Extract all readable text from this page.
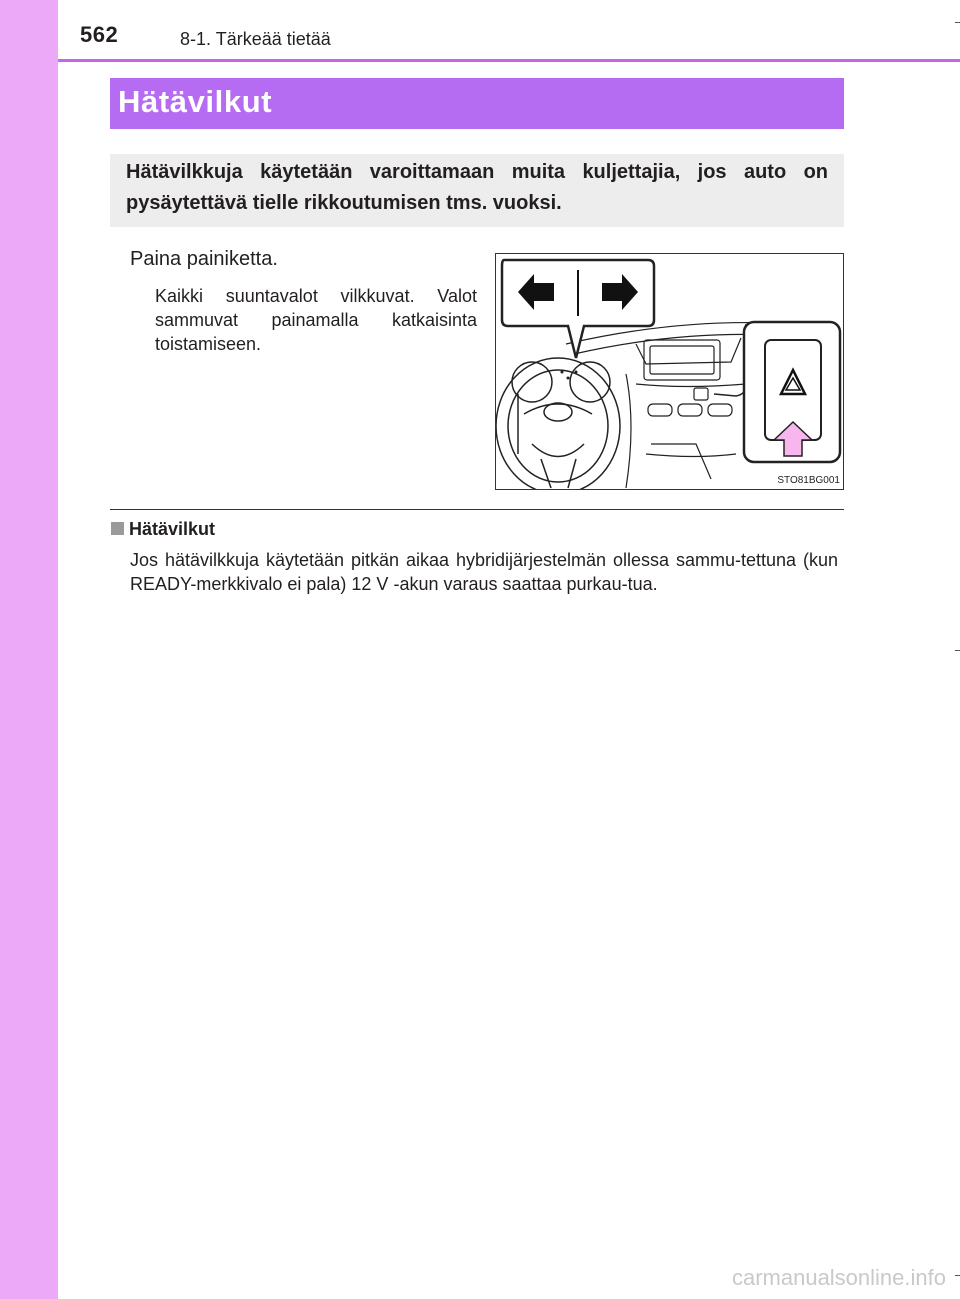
562	8-1. Tärkeää tietää
Hätävilkut
Hätävilkkuja käytetään varoittamaan muita kuljettajia, jos auto on pysäytettävä tielle rikkoutumisen tms. vuoksi.
Paina painiketta.
Kaikki suuntavalot vilkkuvat. Valot sammuvat painamalla katkaisinta toistamiseen.
STO81BG001
Hätävilkut
Jos hätävilkkuja käytetään pitkän aikaa hybridijärjestelmän ollessa sammu-tettuna (kun READY-merkkivalo ei pala) 12 V -akun varaus saattaa purkau-tua.
carmanualsonline.info
